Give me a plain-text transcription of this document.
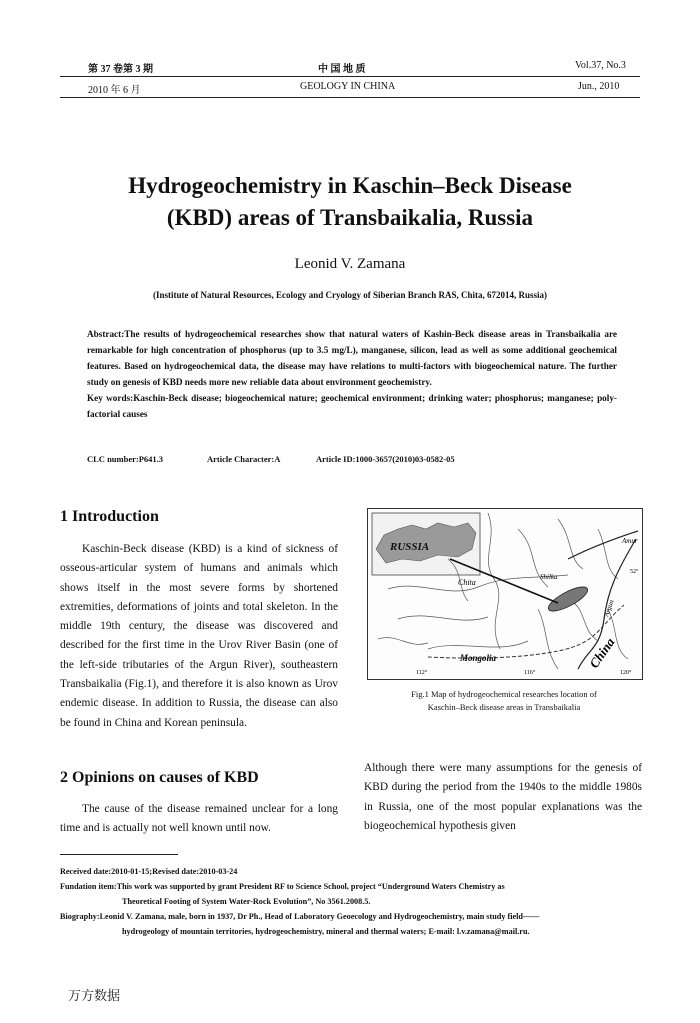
第 37 卷第 3 期	中 国 地 质	Vol.37, No.3
2010 年 6 月	GEOLOGY IN CHINA	Jun., 2010
Hydrogeochemistry in Kaschin–Beck Disease
(KBD) areas of Transbaikalia, Russia
Leonid V. Zamana
(Institute of Natural Resources, Ecology and Cryology of Siberian Branch RAS, Chita, 672014, Russia)
Abstract:The results of hydrogeochemical researches show that natural waters of Kashin-Beck disease areas in Transbaikalia are remarkable for high concentration of phosphorus (up to 3.5 mg/L), manganese, silicon, lead as well as some additional geochemical features. Based on hydrogeochemical data, the disease may have relations to multi-factors with biogeochemical nature. The further study on genesis of KBD needs more new reliable data about environment geochemistry.
Key words:Kaschin-Beck disease; biogeochemical nature; geochemical environment; drinking water; phosphorus; manganese; poly-factorial causes
CLC number:P641.3	Article Character:A	Article ID:1000-3657(2010)03-0582-05
1 Introduction

Kaschin-Beck disease (KBD) is a kind of sickness of osseous-articular system of humans and animals which shows itself in the most severe forms by shortened extremities, deformations of joints and total skeleton. In the middle 19th century, the disease was discovered and described for the first time in the Urov River Basin (one of the left-side tributaries of the Argun River), southeastern Transbaikalia (Fig.1), and therefore it is also known as Urov endemic disease. In addition to Russia, the disease can also be found in China and Korean peninsula.

2 Opinions on causes of KBD

The cause of the disease remained unclear for a long time and is actually not well known until now.

RUSSIA
Chita
Shilka
Amur
Argun
Mongolia	China
112°	116°	120°
52°
Fig.1 Map of hydrogeochemical researches location of
Kaschin–Beck disease areas in Transbaikalia

Although there were many assumptions for the genesis of KBD during the period from the 1940s to the middle 1980s in Russia, one of the most popular explanations was the biogeochemical hypothesis given

Received date:2010-01-15;Revised date:2010-03-24
Fundation item:This work was supported by grant President RF to Science School, project “Underground Waters Chemistry as
Theoretical Footing of System Water-Rock Evolution”, No 3561.2008.5.
Biography:Leonid V. Zamana, male, born in 1937, Dr Ph., Head of Laboratory Geoecology and Hydrogeochemistry, main study field——
hydrogeology of mountain territories, hydrogeochemistry, mineral and thermal waters; E-mail: l.v.zamana@mail.ru.
万方数据
